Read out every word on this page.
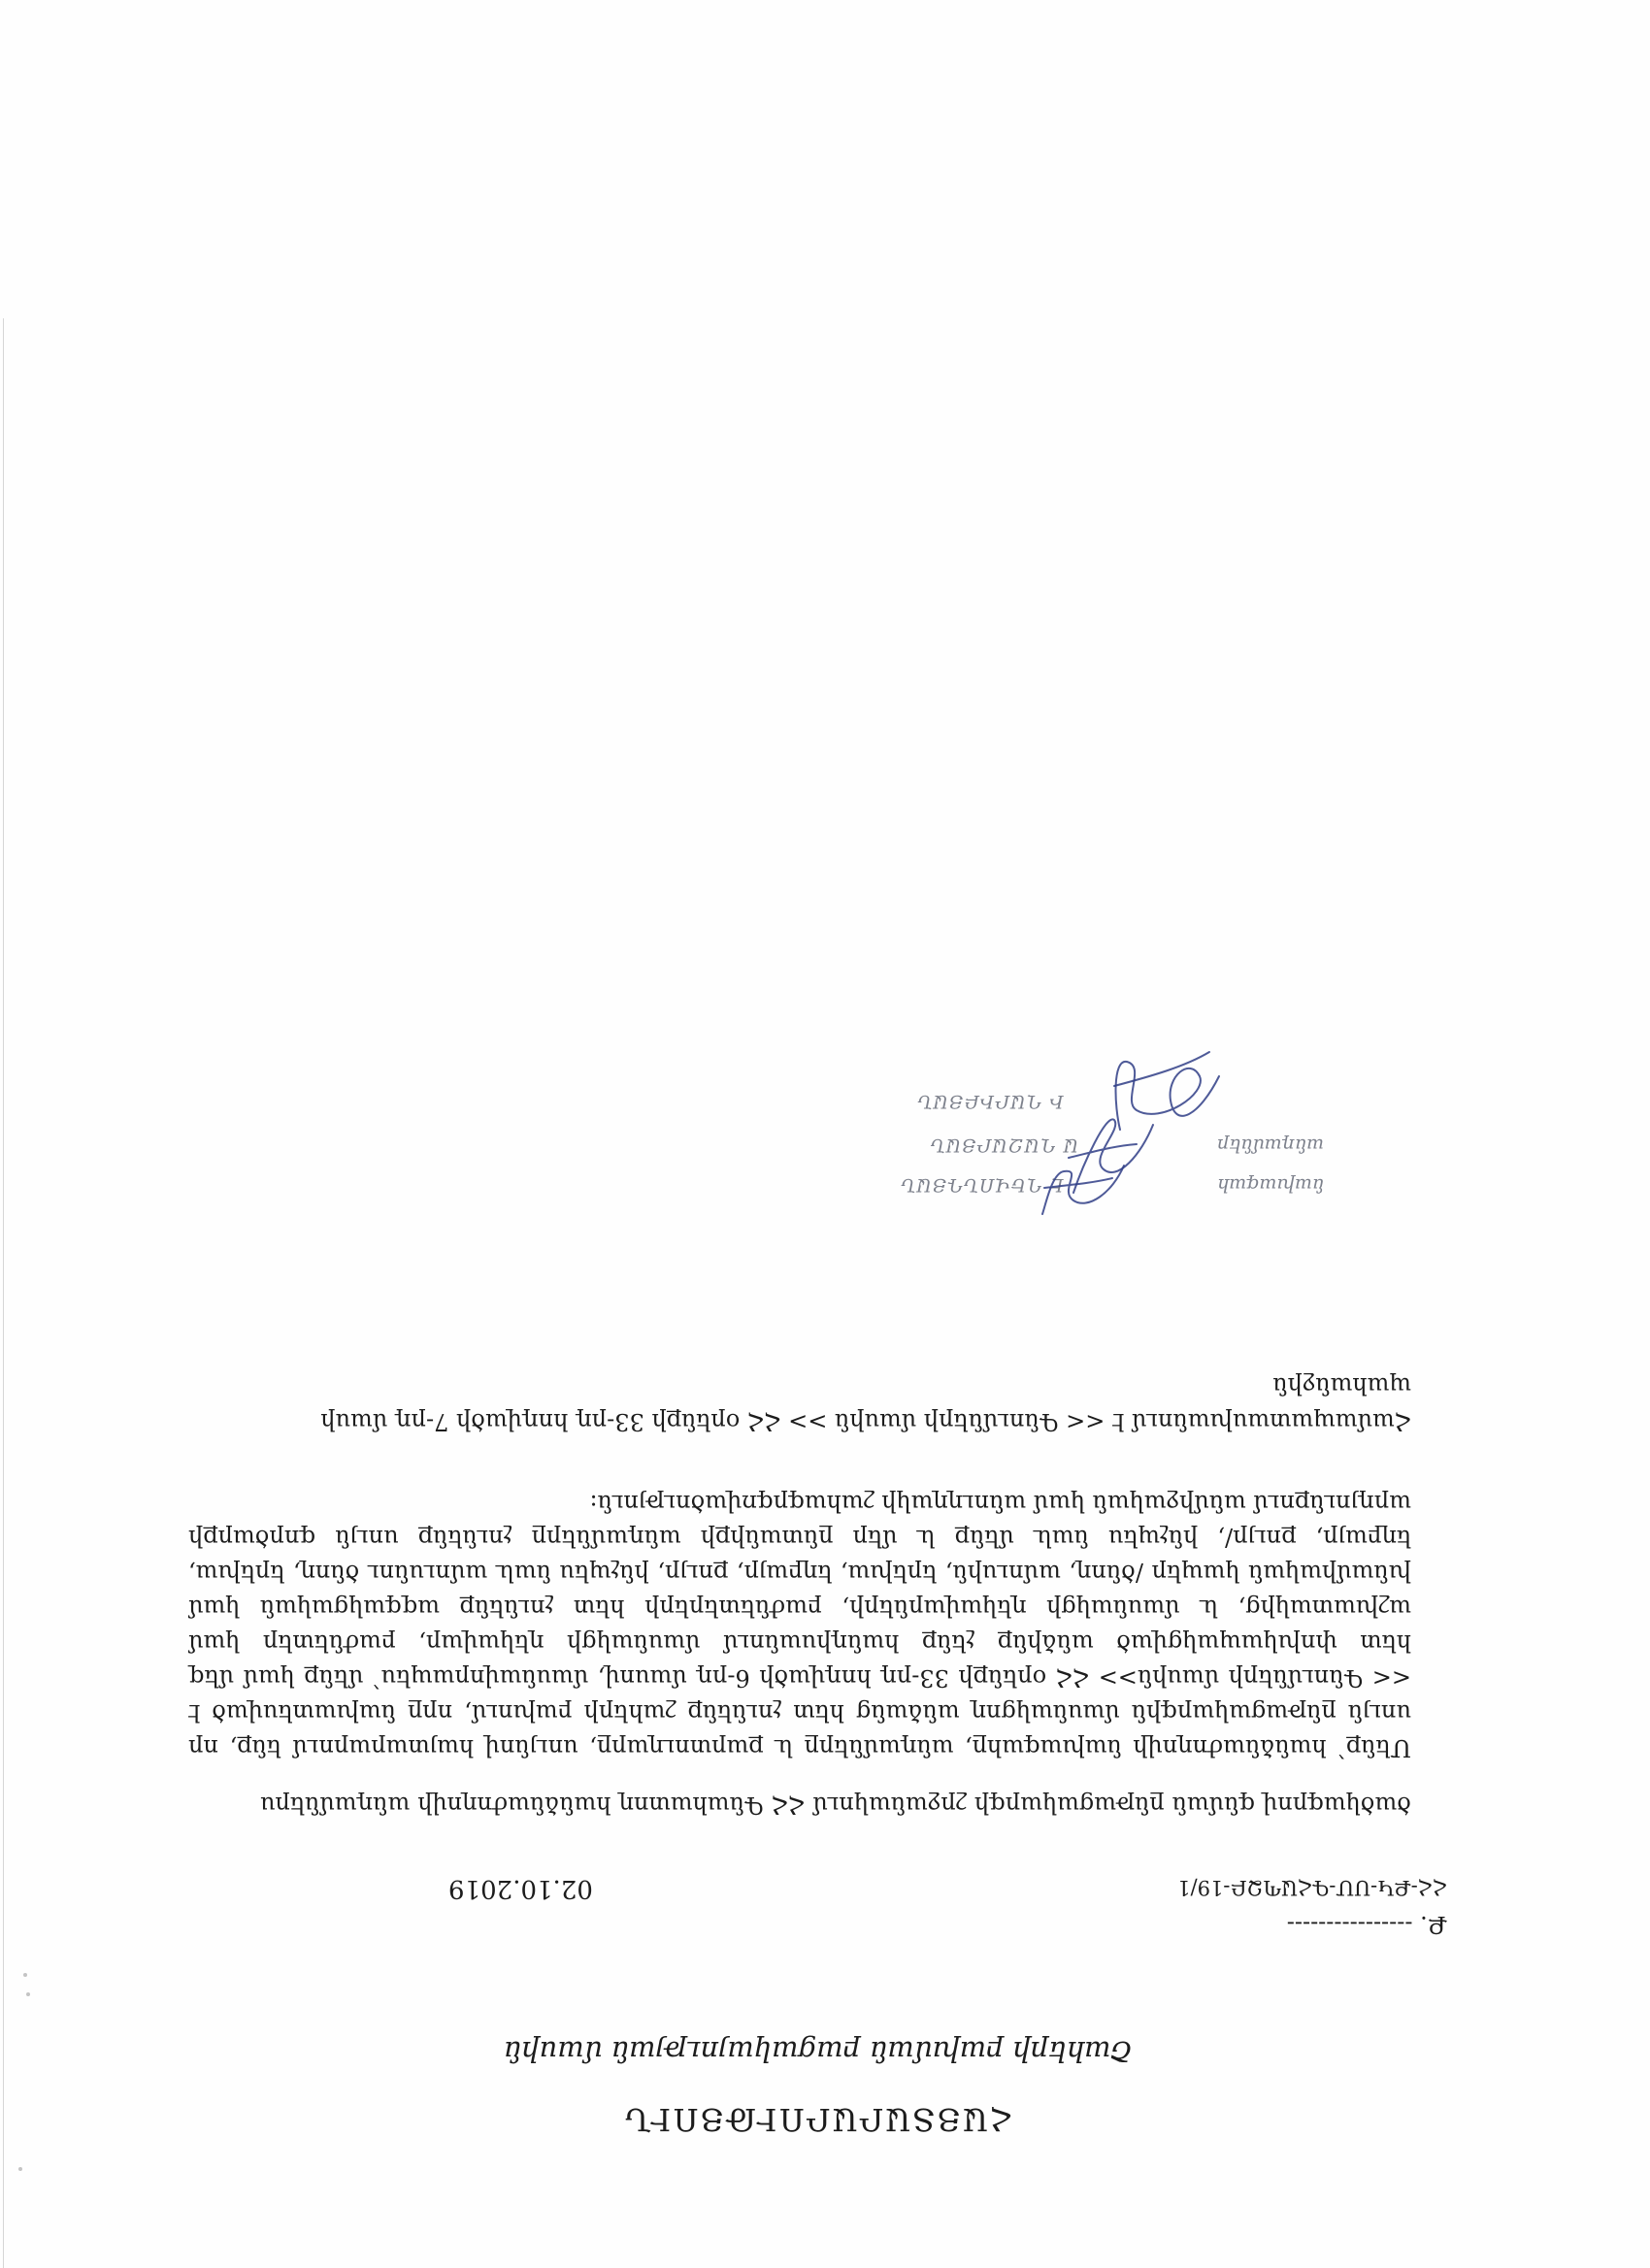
ՀԱՅՏԱՐԱՐՈՒԹՅՈՒՆ
Շահերի բախման բացակայության մասին
Ք. ----------------
ՀՀ-ՔԿ-ՍՄ-ԳՀԱՊՁԲ-19/1
02.10.2019
ծածկագրով գնման ընթացակարգի շրջանակում ՀՀ Գնահատող հանձնաժողովի անդամներս
Մենք՝ հանձնաժողովի նախագահը, անդամները և քարտուղարը, սույնով հայտարարում ենք, որ սույն ընթացակարգին մասնակցող անձանց հետ չունենք շահերի բախում, որը նախատեսված է << Գնումների մասին>> ՀՀ օրենքի 33-րդ հոդվածի 6-րդ մասով, մասնավորապես՝ մենք կամ մեզ հետ փոխկապակցված անձինք չենք հանդիսանում մասնակցի ղեկավար, բաժնետեր կամ աշխատակից, և մասնակցի ղեկավարների, բաժնետերերի հետ չունենք ազգակցական կամ խնամիական կապեր /ծնող, ամուսին, երեխա, եղբայր, քույր, ինչպես նաև ամուսնու ծնող, երեխա, եղբայր, քույր/, ինչպես նաև մենք և մեր ընտանիքի անդամները չունենք սույն գործարքի արդյունքում անմիջական կամ անուղղակի շահագրգռվածություն:
Համապատասխանում է << Գնումների մասին >> ՀՀ օրենքի 33-րդ հոդվածի 7-րդ մասի պահանջին
նախագահ
Է ՂԵՎՈՆԴՅԱՆ
անդամներ
Ա ՂԱԶԱՐՅԱՆ
Ի ՂԱՐԻԲՅԱՆ
